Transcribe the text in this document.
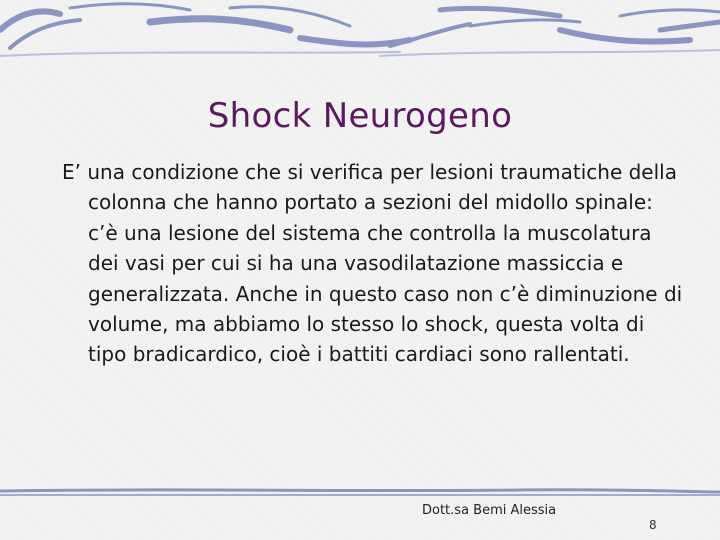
Shock Neurogeno
E’ una condizione che si verifica per lesioni traumatiche della colonna che hanno portato a sezioni del midollo spinale: c’è una lesione del sistema che controlla la muscolatura dei vasi per cui si ha una vasodilatazione massiccia e generalizzata. Anche in questo caso non c’è diminuzione di volume, ma abbiamo lo stesso lo shock, questa volta di tipo bradicardico, cioè i battiti cardiaci sono rallentati.
Dott.sa Bemi Alessia
8
